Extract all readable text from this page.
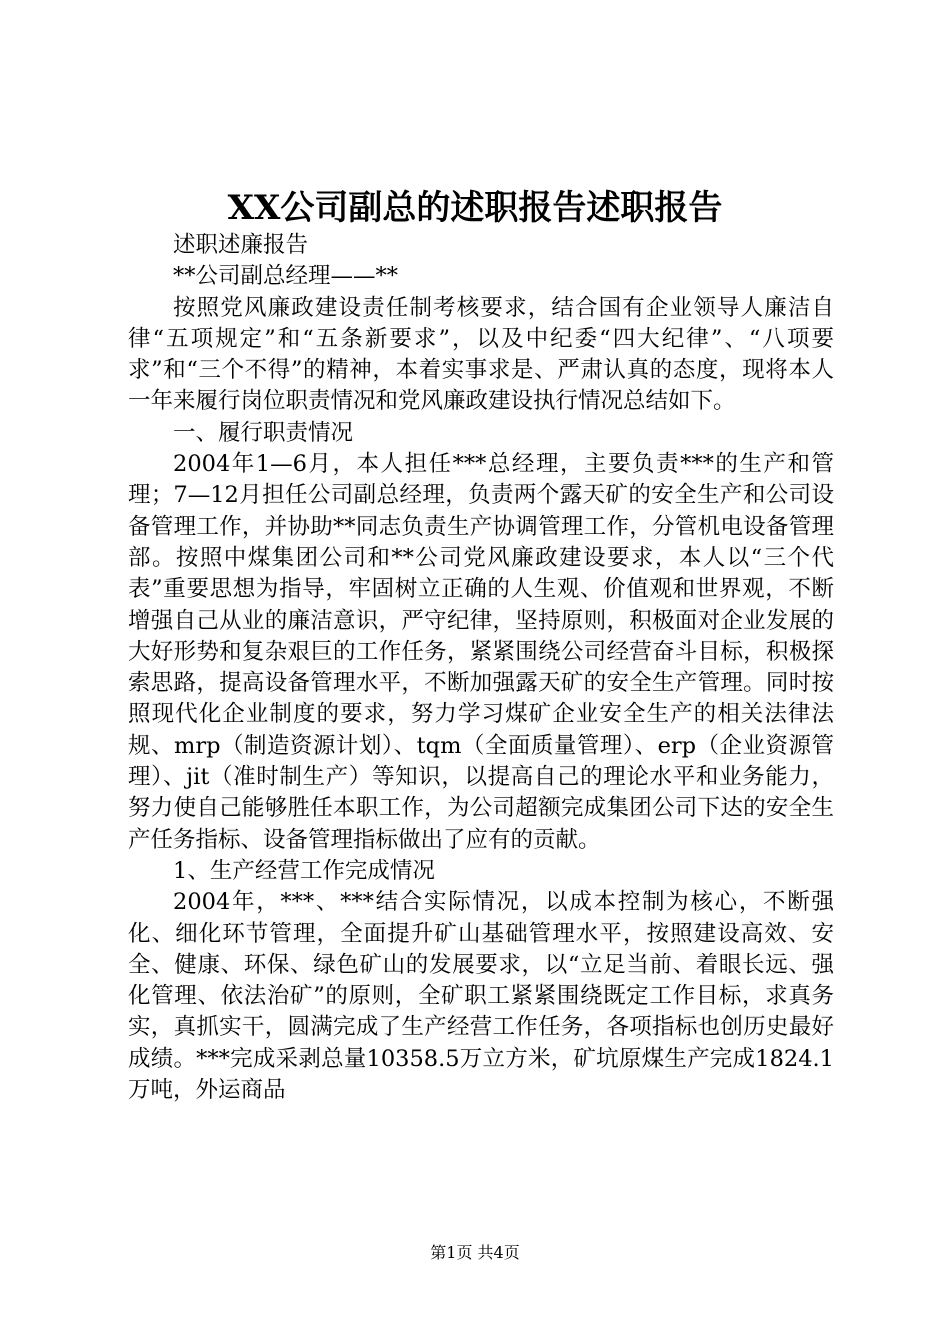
XX公司副总的述职报告述职报告

述职述廉报告

**公司副总经理——**

按照党风廉政建设责任制考核要求，结合国有企业领导人廉洁自律“五项规定”和“五条新要求”，以及中纪委“四大纪律”、“八项要求”和“三个不得”的精神，本着实事求是、严肃认真的态度，现将本人一年来履行岗位职责情况和党风廉政建设执行情况总结如下。

一、履行职责情况

2004年1—6月，本人担任***总经理，主要负责***的生产和管理；7—12月担任公司副总经理，负责两个露天矿的安全生产和公司设备管理工作，并协助**同志负责生产协调管理工作，分管机电设备管理部。按照中煤集团公司和**公司党风廉政建设要求，本人以“三个代表”重要思想为指导，牢固树立正确的人生观、价值观和世界观，不断增强自己从业的廉洁意识，严守纪律，坚持原则，积极面对企业发展的大好形势和复杂艰巨的工作任务，紧紧围绕公司经营奋斗目标，积极探索思路，提高设备管理水平，不断加强露天矿的安全生产管理。同时按照现代化企业制度的要求，努力学习煤矿企业安全生产的相关法律法规、mrp（制造资源计划）、tqm（全面质量管理）、erp（企业资源管理）、jit（准时制生产）等知识，以提高自己的理论水平和业务能力，努力使自己能够胜任本职工作，为公司超额完成集团公司下达的安全生产任务指标、设备管理指标做出了应有的贡献。

1、生产经营工作完成情况

2004年，***、***结合实际情况，以成本控制为核心，不断强化、细化环节管理，全面提升矿山基础管理水平，按照建设高效、安全、健康、环保、绿色矿山的发展要求，以“立足当前、着眼长远、强化管理、依法治矿”的原则，全矿职工紧紧围绕既定工作目标，求真务实，真抓实干，圆满完成了生产经营工作任务，各项指标也创历史最好成绩。***完成采剥总量10358.5万立方米，矿坑原煤生产完成1824.1万吨，外运商品

第1页 共4页
